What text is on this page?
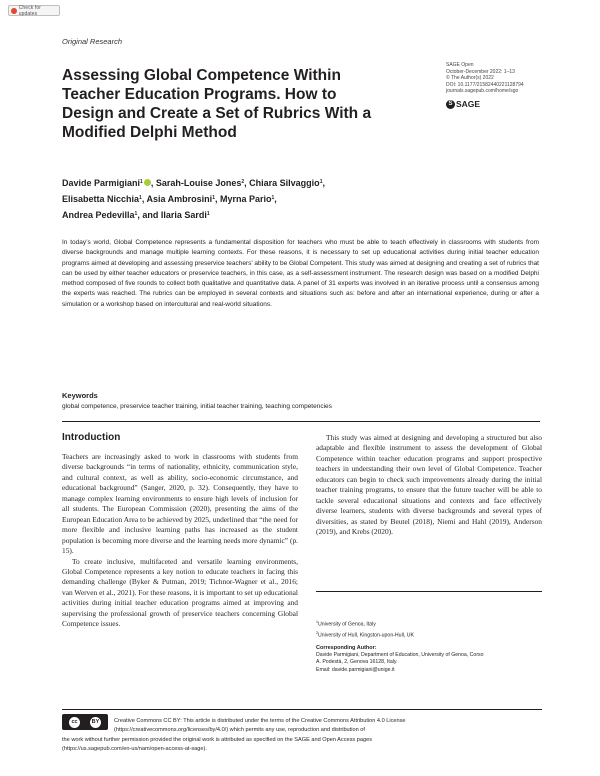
Check for updates
Original Research
Assessing Global Competence Within Teacher Education Programs. How to Design and Create a Set of Rubrics With a Modified Delphi Method
SAGE Open
October-December 2022: 1–13
© The Author(s) 2022
DOI: 10.1177/21582440221128794
journals.sagepub.com/home/sgo
S SAGE
Davide Parmigiani$^1$ , Sarah-Louise Jones$^2$, Chiara Silvaggio$^1$,
Elisabetta Nicchia$^1$, Asia Ambrosini$^1$, Myrna Pario$^1$,
Andrea Pedevilla$^1$, and Ilaria Sardi$^1$
In today’s world, Global Competence represents a fundamental disposition for teachers who must be able to teach effectively in classrooms with students from diverse backgrounds and manage multiple learning contexts. For these reasons, it is necessary to set up educational activities during initial teacher education programs aimed at developing and assessing preservice teachers’ ability to be Global Competent. This study was aimed at designing and creating a set of rubrics that can be used by either teacher educators or preservice teachers, in this case, as a self-assessment instrument. The research design was based on a modified Delphi method composed of five rounds to collect both qualitative and quantitative data. A panel of 31 experts was involved in an iterative process until a consensus among the experts was reached. The rubrics can be employed in several contexts and situations such as: before and after an international experience, during or after a simulation or a workshop based on intercultural and real-world situations.
Keywords
global competence, preservice teacher training, initial teacher training, teaching competencies
Introduction

Teachers are increasingly asked to work in classrooms with students from diverse backgrounds “in terms of nationality, ethnicity, communication style, and cultural context, as well as ability, socio-economic circumstance, and educational background” (Sanger, 2020, p. 32). Consequently, they have to manage complex learning environments to ensure high levels of inclusion for all students. The European Commission (2020), presenting the aims of the European Education Area to be achieved by 2025, underlined that “the need for more flexible and inclusive learning paths has increased as the student population is becoming more diverse and the learning needs more dynamic” (p. 15).

To create inclusive, multifaceted and versatile learning environments, Global Competence represents a key notion to educate teachers in facing this demanding challenge (Byker & Putman, 2019; Tichnor-Wagner et al., 2016; van Werven et al., 2021). For these reasons, it is important to set up educational activities during initial teacher education programs aimed at improving and supervising the professional growth of preservice teachers concerning Global Competence issues.

This study was aimed at designing and developing a structured but also adaptable and flexible instrument to assess the development of Global Competence within teacher education programs and support prospective teachers in understanding their own level of Global Competence. Teacher educators can begin to check such improvements already during the initial teacher training programs, to ensure that the future teacher will be able to tackle several educational situations and contexts and face effectively diverse learners, students with diverse backgrounds and several types of diversities, as stated by Beutel (2018), Niemi and Hahl (2019), Anderson (2019), and Krebs (2020).

$^1$University of Genoa, Italy
$^2$University of Hull, Kingston-upon-Hull, UK
Corresponding Author:
Davide Parmigiani, Department of Education, University of Genoa, Corso
A. Podestà, 2, Genova 16128, Italy.
Email: davide.parmigiani@unige.it
cc	BY	Creative Commons CC BY: This article is distributed under the terms of the Creative Commons Attribution 4.0 License
(https://creativecommons.org/licenses/by/4.0/) which permits any use, reproduction and distribution of
the work without further permission provided the original work is attributed as specified on the SAGE and Open Access pages
(https://us.sagepub.com/en-us/nam/open-access-at-sage).
